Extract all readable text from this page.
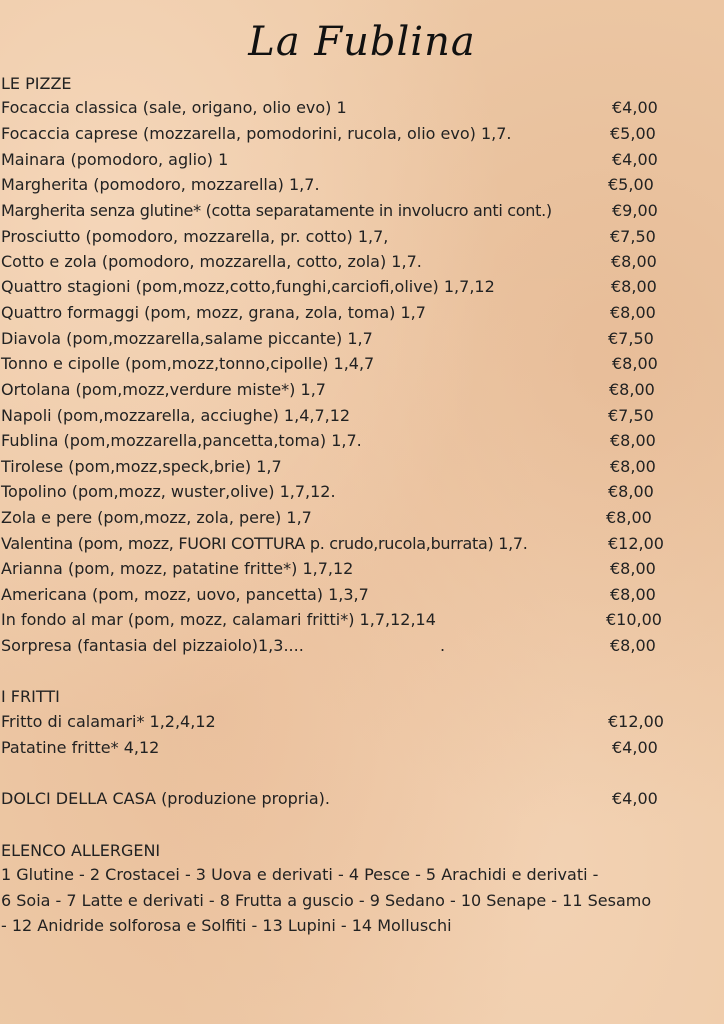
La Fublina
LE PIZZE
Focaccia classica (sale, origano, olio evo) 1	€4,00
Focaccia caprese (mozzarella, pomodorini, rucola, olio evo) 1,7.	€5,00
Mainara (pomodoro, aglio) 1	€4,00
Margherita (pomodoro, mozzarella) 1,7.	€5,00
Margherita senza glutine* (cotta separatamente in involucro anti cont.)	€9,00
Prosciutto (pomodoro, mozzarella, pr. cotto) 1,7,	€7,50
Cotto e zola (pomodoro, mozzarella, cotto, zola) 1,7.	€8,00
Quattro stagioni (pom,mozz,cotto,funghi,carciofi,olive) 1,7,12	€8,00
Quattro formaggi (pom, mozz, grana, zola, toma) 1,7	€8,00
Diavola (pom,mozzarella,salame piccante) 1,7	€7,50
Tonno e cipolle (pom,mozz,tonno,cipolle) 1,4,7	€8,00
Ortolana (pom,mozz,verdure miste*) 1,7	€8,00
Napoli (pom,mozzarella, acciughe) 1,4,7,12	€7,50
Fublina (pom,mozzarella,pancetta,toma) 1,7.	€8,00
Tirolese (pom,mozz,speck,brie) 1,7	€8,00
Topolino (pom,mozz, wuster,olive) 1,7,12.	€8,00
Zola e pere (pom,mozz, zola, pere) 1,7	€8,00
Valentina (pom, mozz, FUORI COTTURA p. crudo,rucola,burrata) 1,7.	€12,00
Arianna (pom, mozz, patatine fritte*) 1,7,12	€8,00
Americana (pom, mozz, uovo, pancetta) 1,3,7	€8,00
In fondo al mar (pom, mozz, calamari fritti*) 1,7,12,14	€10,00
Sorpresa (fantasia del pizzaiolo)1,3....	.	€8,00
I FRITTI
Fritto di calamari* 1,2,4,12	€12,00
Patatine fritte* 4,12	€4,00
DOLCI DELLA CASA (produzione propria).	€4,00
ELENCO ALLERGENI
1 Glutine - 2 Crostacei - 3 Uova e derivati - 4 Pesce - 5 Arachidi e derivati -
6 Soia - 7 Latte e derivati - 8 Frutta a guscio - 9 Sedano - 10 Senape - 11 Sesamo
- 12 Anidride solforosa e Solfiti - 13 Lupini - 14 Molluschi
